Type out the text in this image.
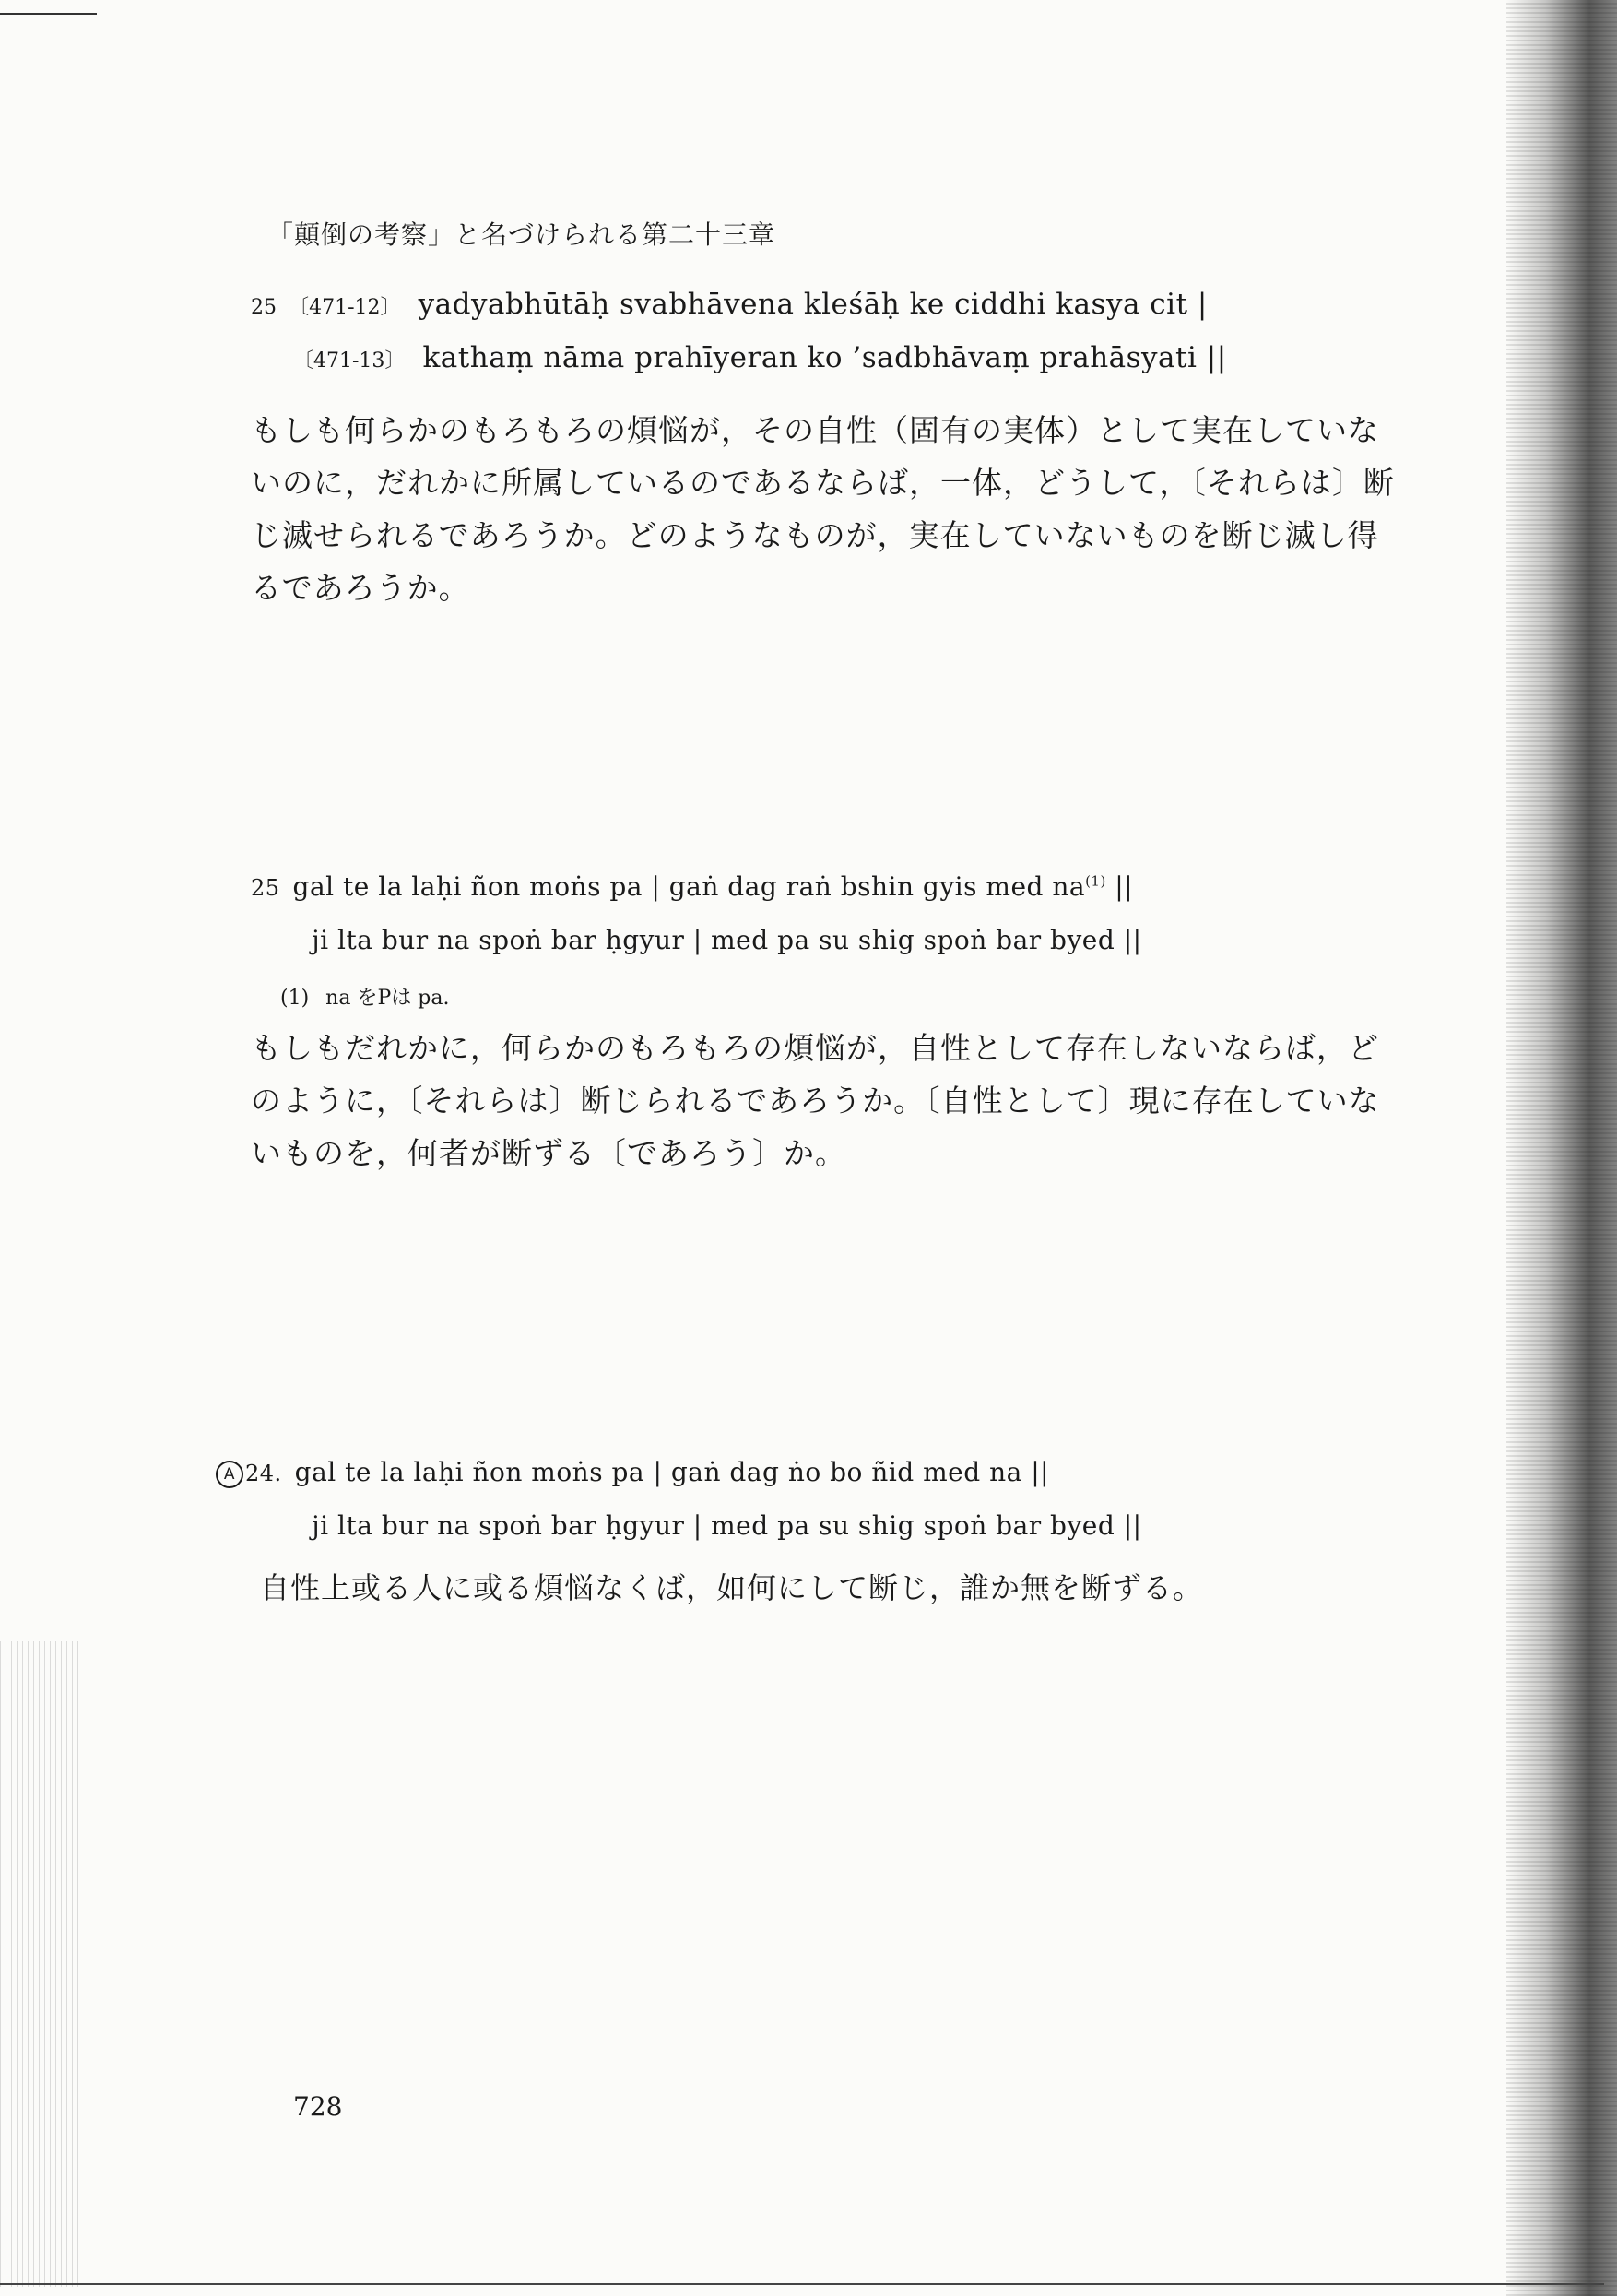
「顛倒の考察」と名づけられる第二十三章
25 〔471-12〕 yadyabhūtāḥ svabhāvena kleśāḥ ke ciddhi kasya cit |
〔471-13〕 kathaṃ nāma prahīyeran ko ’sadbhāvaṃ prahāsyati ||
もしも何らかのもろもろの煩悩が，その自性（固有の実体）として実在していな
いのに，だれかに所属しているのであるならば，一体，どうして，〔それらは〕断
じ滅せられるであろうか。どのようなものが，実在していないものを断じ滅し得
るであろうか。
25 gal te la laḥi ñon moṅs pa | gaṅ dag raṅ bshin gyis med $na^{(1)}$ ||
ji lta bur na spoṅ bar ḥgyur | med pa su shig spoṅ bar byed ||
(1) na をPは pa.
もしもだれかに，何らかのもろもろの煩悩が，自性として存在しないならば，ど
のように，〔それらは〕断じられるであろうか。〔自性として〕現に存在していな
いものを，何者が断ずる〔であろう〕か。
A 24. gal te la laḥi ñon moṅs pa | gaṅ dag ṅo bo ñid med na ||
ji lta bur na spoṅ bar ḥgyur | med pa su shig spoṅ bar byed ||
自性上或る人に或る煩悩なくば，如何にして断じ，誰か無を断ずる。
728
